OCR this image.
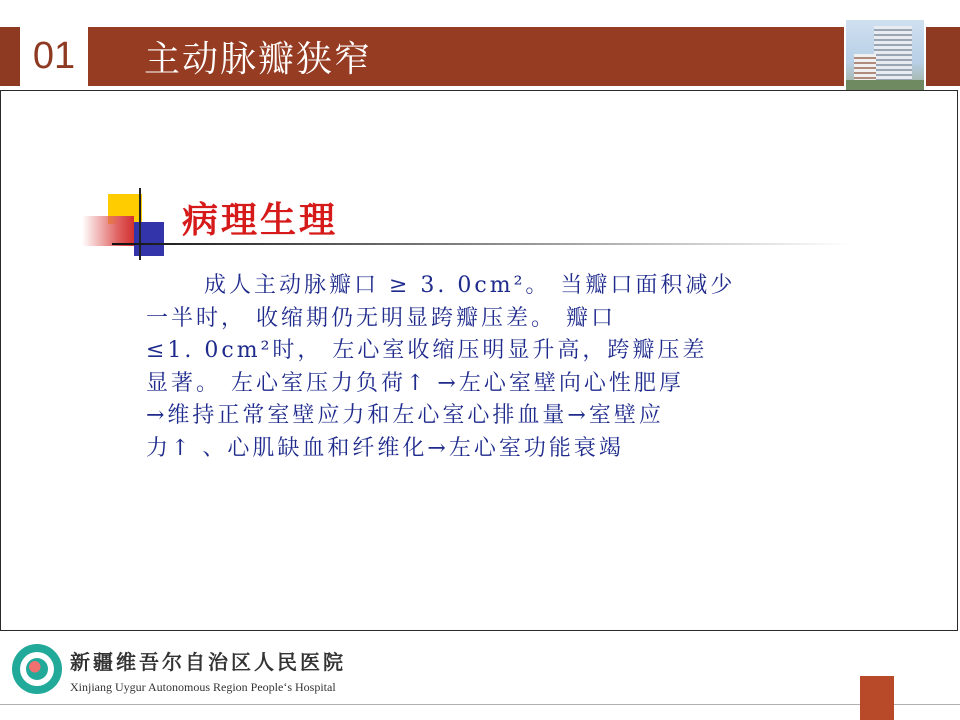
01	主动脉瓣狭窄
病理生理
成人主动脉瓣口 ≥ 3. 0cm²。 当瓣口面积减少
一半时， 收缩期仍无明显跨瓣压差。 瓣口
≤1. 0cm²时， 左心室收缩压明显升高，跨瓣压差
显著。 左心室压力负荷↑ →左心室壁向心性肥厚
→维持正常室壁应力和左心室心排血量→室壁应
力↑ 、心肌缺血和纤维化→左心室功能衰竭
新疆维吾尔自治区人民医院
Xinjiang Uygur Autonomous Region People‘s Hospital
